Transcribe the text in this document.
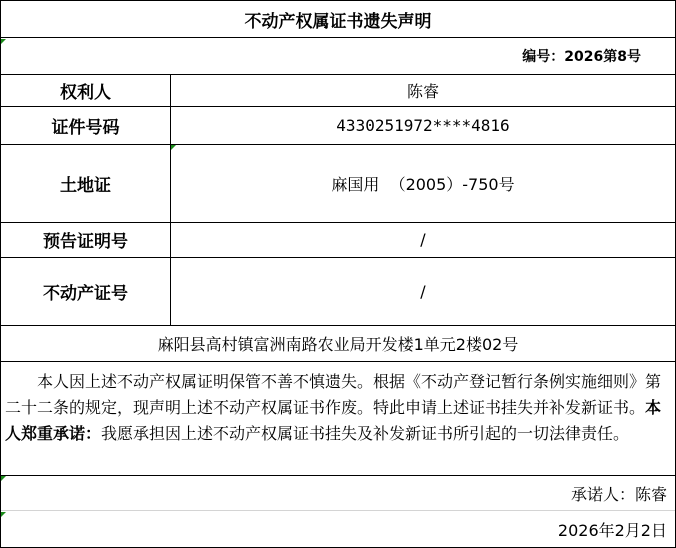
不动产权属证书遗失声明
编号：2026第8号
权利人	陈睿
证件号码	4330251972****4816
土地证	麻国用  （2005）-750号
预告证明号	/
不动产证号	/
麻阳县高村镇富洲南路农业局开发楼1单元2楼02号
本人因上述不动产权属证明保管不善不慎遗失。根据《不动产登记暂行条例实施细则》第二十二条的规定，现声明上述不动产权属证书作废。特此申请上述证书挂失并补发新证书。本人郑重承诺：我愿承担因上述不动产权属证书挂失及补发新证书所引起的一切法律责任。
承诺人：陈睿
2026年2月2日
